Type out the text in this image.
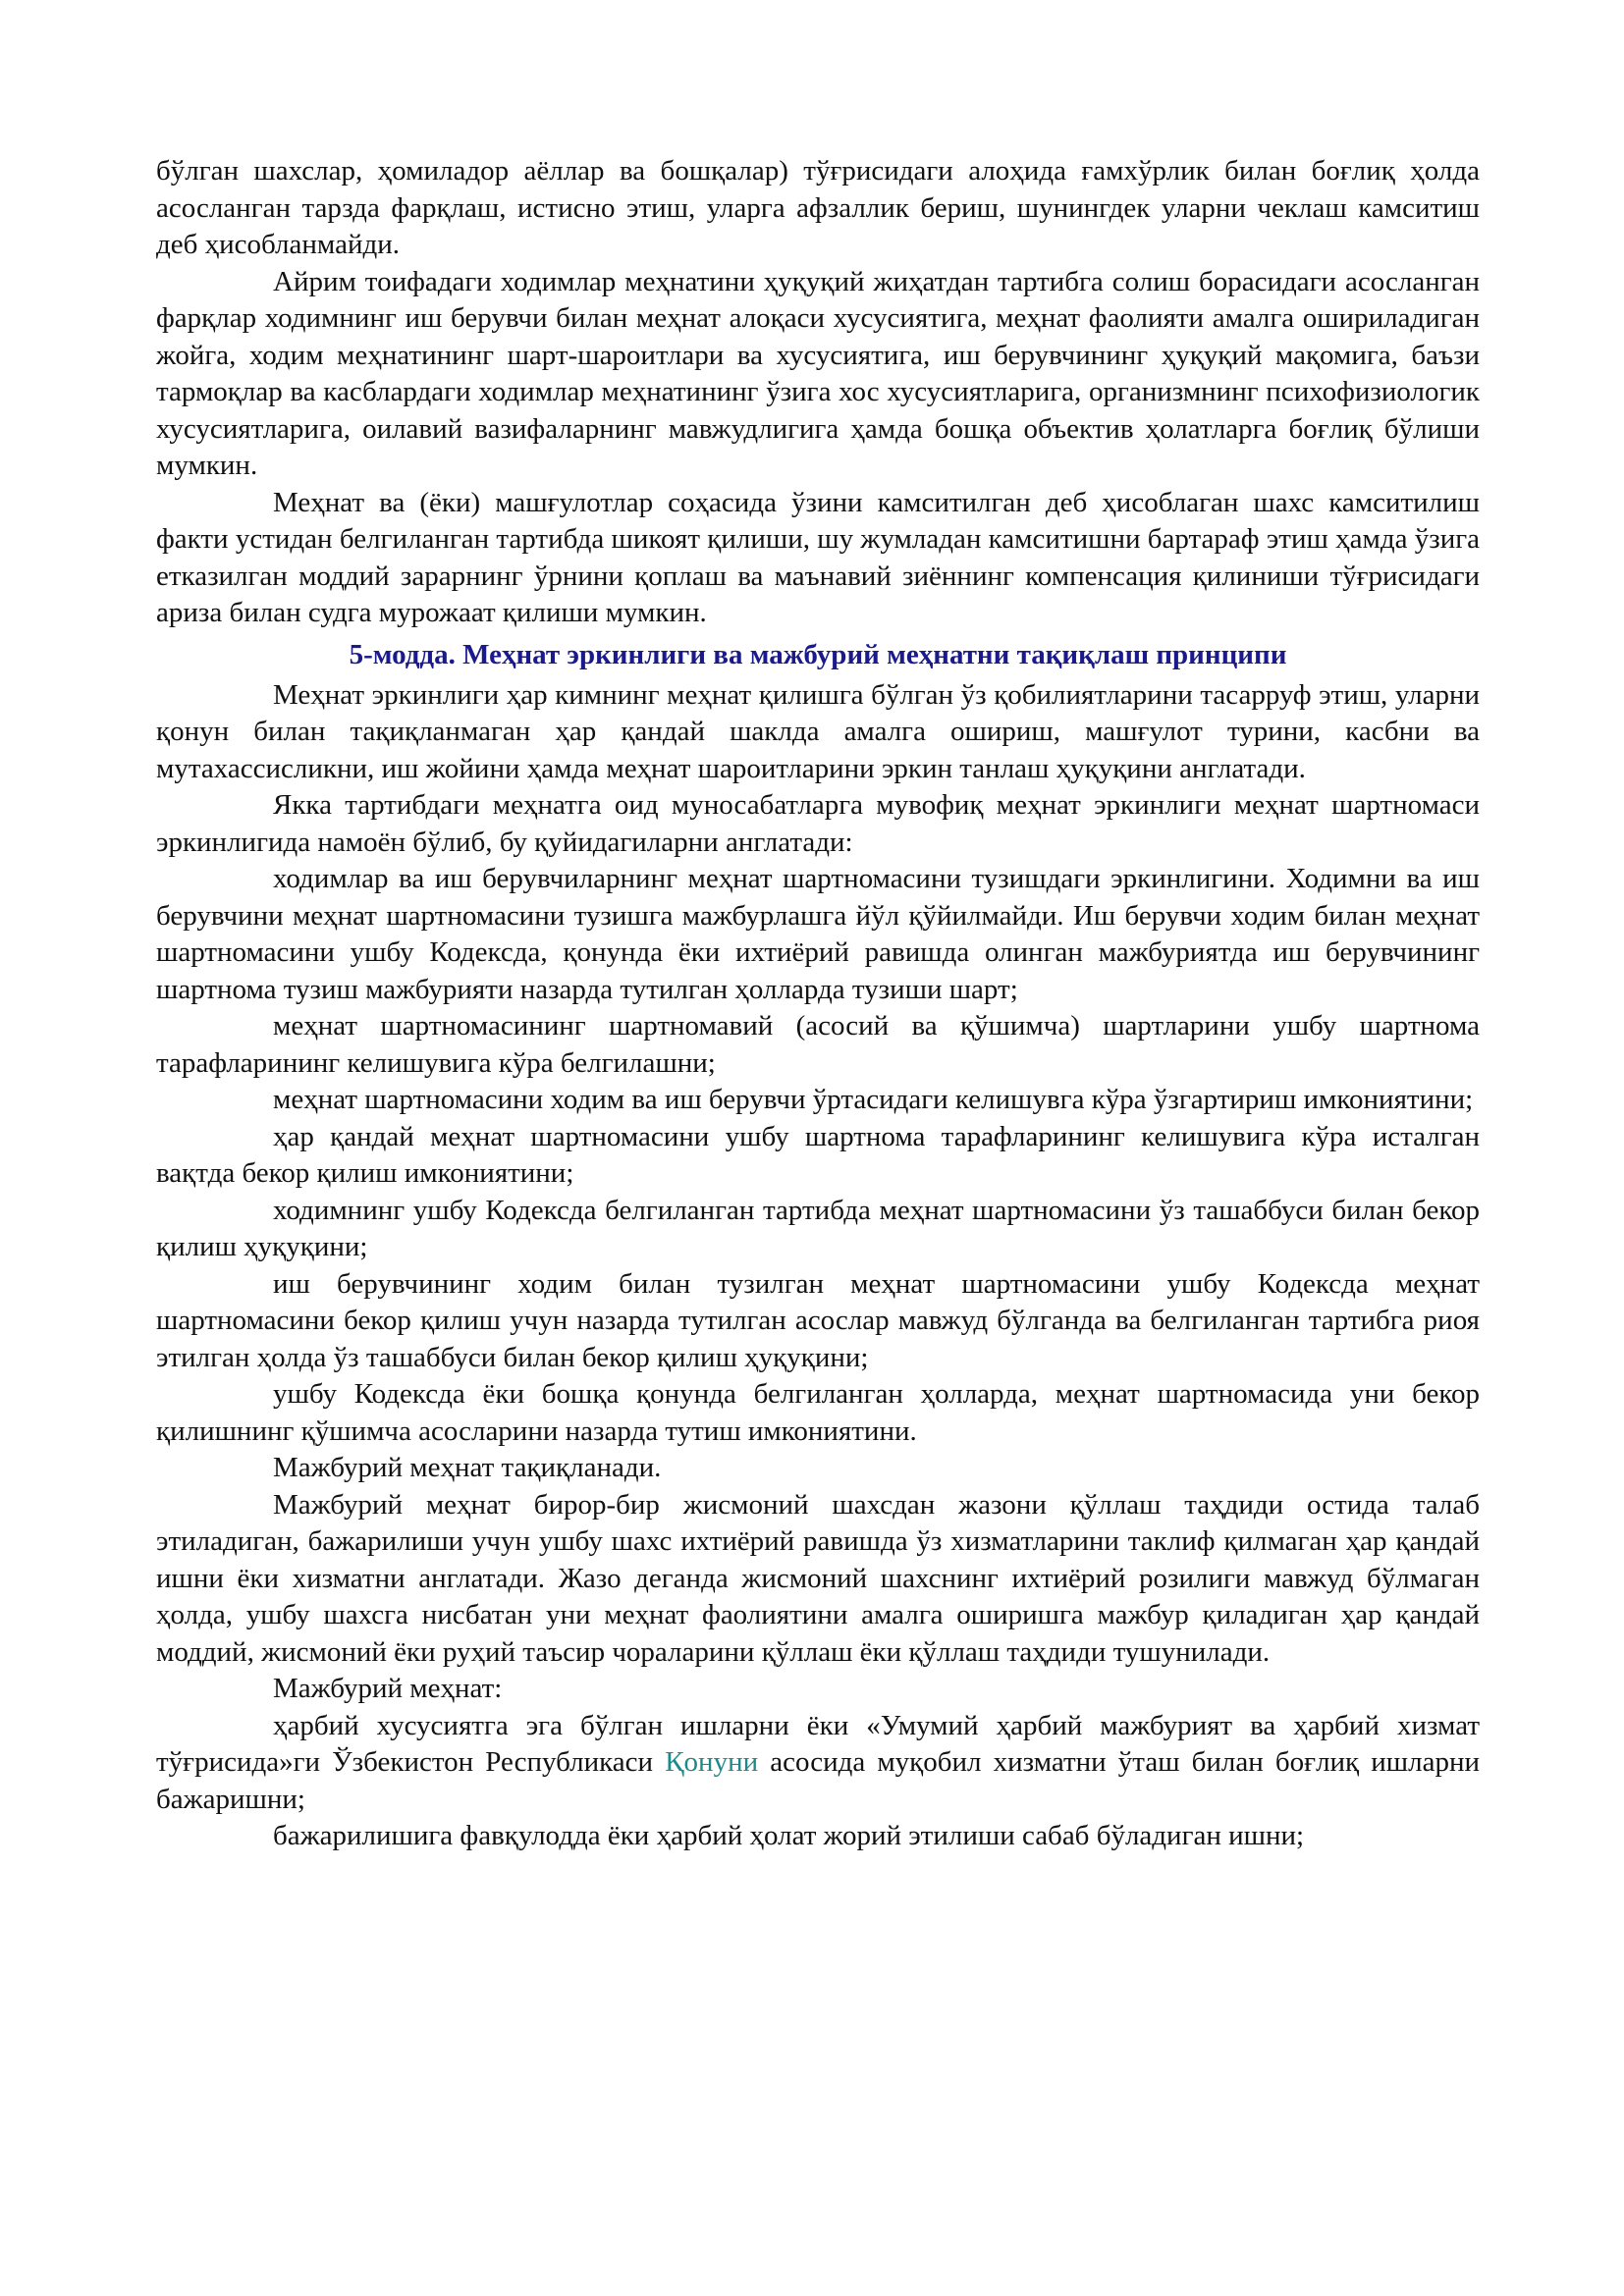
бўлган шахслар, ҳомиладор аёллар ва бошқалар) тўғрисидаги алоҳида ғамхўрлик билан боғлиқ ҳолда асосланган тарзда фарқлаш, истисно этиш, уларга афзаллик бериш, шунингдек уларни чеклаш камситиш деб ҳисобланмайди.

Айрим тоифадаги ходимлар меҳнатини ҳуқуқий жиҳатдан тартибга солиш борасидаги асосланган фарқлар ходимнинг иш берувчи билан меҳнат алоқаси хусусиятига, меҳнат фаолияти амалга ошириладиган жойга, ходим меҳнатининг шарт-шароитлари ва хусусиятига, иш берувчининг ҳуқуқий мақомига, баъзи тармоқлар ва касблардаги ходимлар меҳнатининг ўзига хос хусусиятларига, организмнинг психофизиологик хусусиятларига, оилавий вазифаларнинг мавжудлигига ҳамда бошқа объектив ҳолатларга боғлиқ бўлиши мумкин.

Меҳнат ва (ёки) машғулотлар соҳасида ўзини камситилган деб ҳисоблаган шахс камситилиш факти устидан белгиланган тартибда шикоят қилиши, шу жумладан камситишни бартараф этиш ҳамда ўзига етказилган моддий зарарнинг ўрнини қоплаш ва маънавий зиённинг компенсация қилиниши тўғрисидаги ариза билан судга мурожаат қилиши мумкин.

5-модда. Меҳнат эркинлиги ва мажбурий меҳнатни тақиқлаш принципи

Меҳнат эркинлиги ҳар кимнинг меҳнат қилишга бўлган ўз қобилиятларини тасарруф этиш, уларни қонун билан тақиқланмаган ҳар қандай шаклда амалга ошириш, машғулот турини, касбни ва мутахассисликни, иш жойини ҳамда меҳнат шароитларини эркин танлаш ҳуқуқини англатади.

Якка тартибдаги меҳнатга оид муносабатларга мувофиқ меҳнат эркинлиги меҳнат шартномаси эркинлигида намоён бўлиб, бу қуйидагиларни англатади:

ходимлар ва иш берувчиларнинг меҳнат шартномасини тузишдаги эркинлигини. Ходимни ва иш берувчини меҳнат шартномасини тузишга мажбурлашга йўл қўйилмайди. Иш берувчи ходим билан меҳнат шартномасини ушбу Кодексда, қонунда ёки ихтиёрий равишда олинган мажбуриятда иш берувчининг шартнома тузиш мажбурияти назарда тутилган ҳолларда тузиши шарт;

меҳнат шартномасининг шартномавий (асосий ва қўшимча) шартларини ушбу шартнома тарафларининг келишувига кўра белгилашни;

меҳнат шартномасини ходим ва иш берувчи ўртасидаги келишувга кўра ўзгартириш имкониятини;

ҳар қандай меҳнат шартномасини ушбу шартнома тарафларининг келишувига кўра исталган вақтда бекор қилиш имкониятини;

ходимнинг ушбу Кодексда белгиланган тартибда меҳнат шартномасини ўз ташаббуси билан бекор қилиш ҳуқуқини;

иш берувчининг ходим билан тузилган меҳнат шартномасини ушбу Кодексда меҳнат шартномасини бекор қилиш учун назарда тутилган асослар мавжуд бўлганда ва белгиланган тартибга риоя этилган ҳолда ўз ташаббуси билан бекор қилиш ҳуқуқини;

ушбу Кодексда ёки бошқа қонунда белгиланган ҳолларда, меҳнат шартномасида уни бекор қилишнинг қўшимча асосларини назарда тутиш имкониятини.

Мажбурий меҳнат тақиқланади.

Мажбурий меҳнат бирор-бир жисмоний шахсдан жазони қўллаш таҳдиди остида талаб этиладиган, бажарилиши учун ушбу шахс ихтиёрий равишда ўз хизматларини таклиф қилмаган ҳар қандай ишни ёки хизматни англатади. Жазо деганда жисмоний шахснинг ихтиёрий розилиги мавжуд бўлмаган ҳолда, ушбу шахсга нисбатан уни меҳнат фаолиятини амалга оширишга мажбур қиладиган ҳар қандай моддий, жисмоний ёки руҳий таъсир чораларини қўллаш ёки қўллаш таҳдиди тушунилади.

Мажбурий меҳнат:

ҳарбий хусусиятга эга бўлган ишларни ёки «Умумий ҳарбий мажбурият ва ҳарбий хизмат тўғрисида»ги Ўзбекистон Республикаси Қонуни асосида муқобил хизматни ўташ билан боғлиқ ишларни бажаришни;

бажарилишига фавқулодда ёки ҳарбий ҳолат жорий этилиши сабаб бўладиган ишни;
